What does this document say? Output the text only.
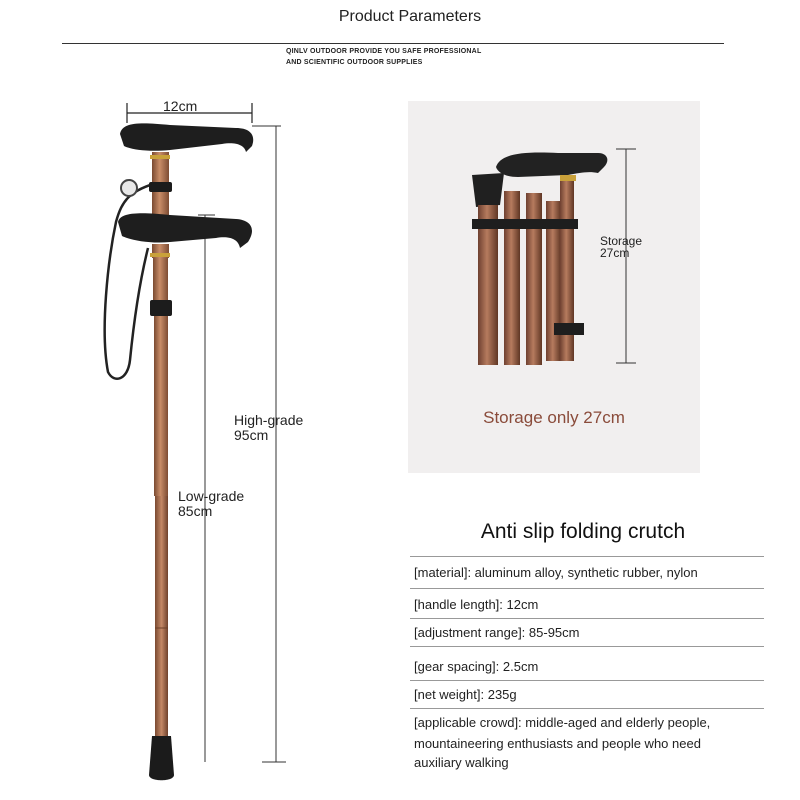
Product Parameters
QINLV OUTDOOR PROVIDE YOU SAFE PROFESSIONAL
AND SCIENTIFIC OUTDOOR SUPPLIES
12cm
High-grade
95cm
Low-grade
85cm
Storage
27cm
Storage only 27cm
Anti slip folding crutch
[material]: aluminum alloy, synthetic rubber, nylon
[handle length]: 12cm
[adjustment range]: 85-95cm
[gear spacing]: 2.5cm
[net weight]: 235g
[applicable crowd]: middle-aged and elderly people,
mountaineering enthusiasts and people who need
auxiliary walking
